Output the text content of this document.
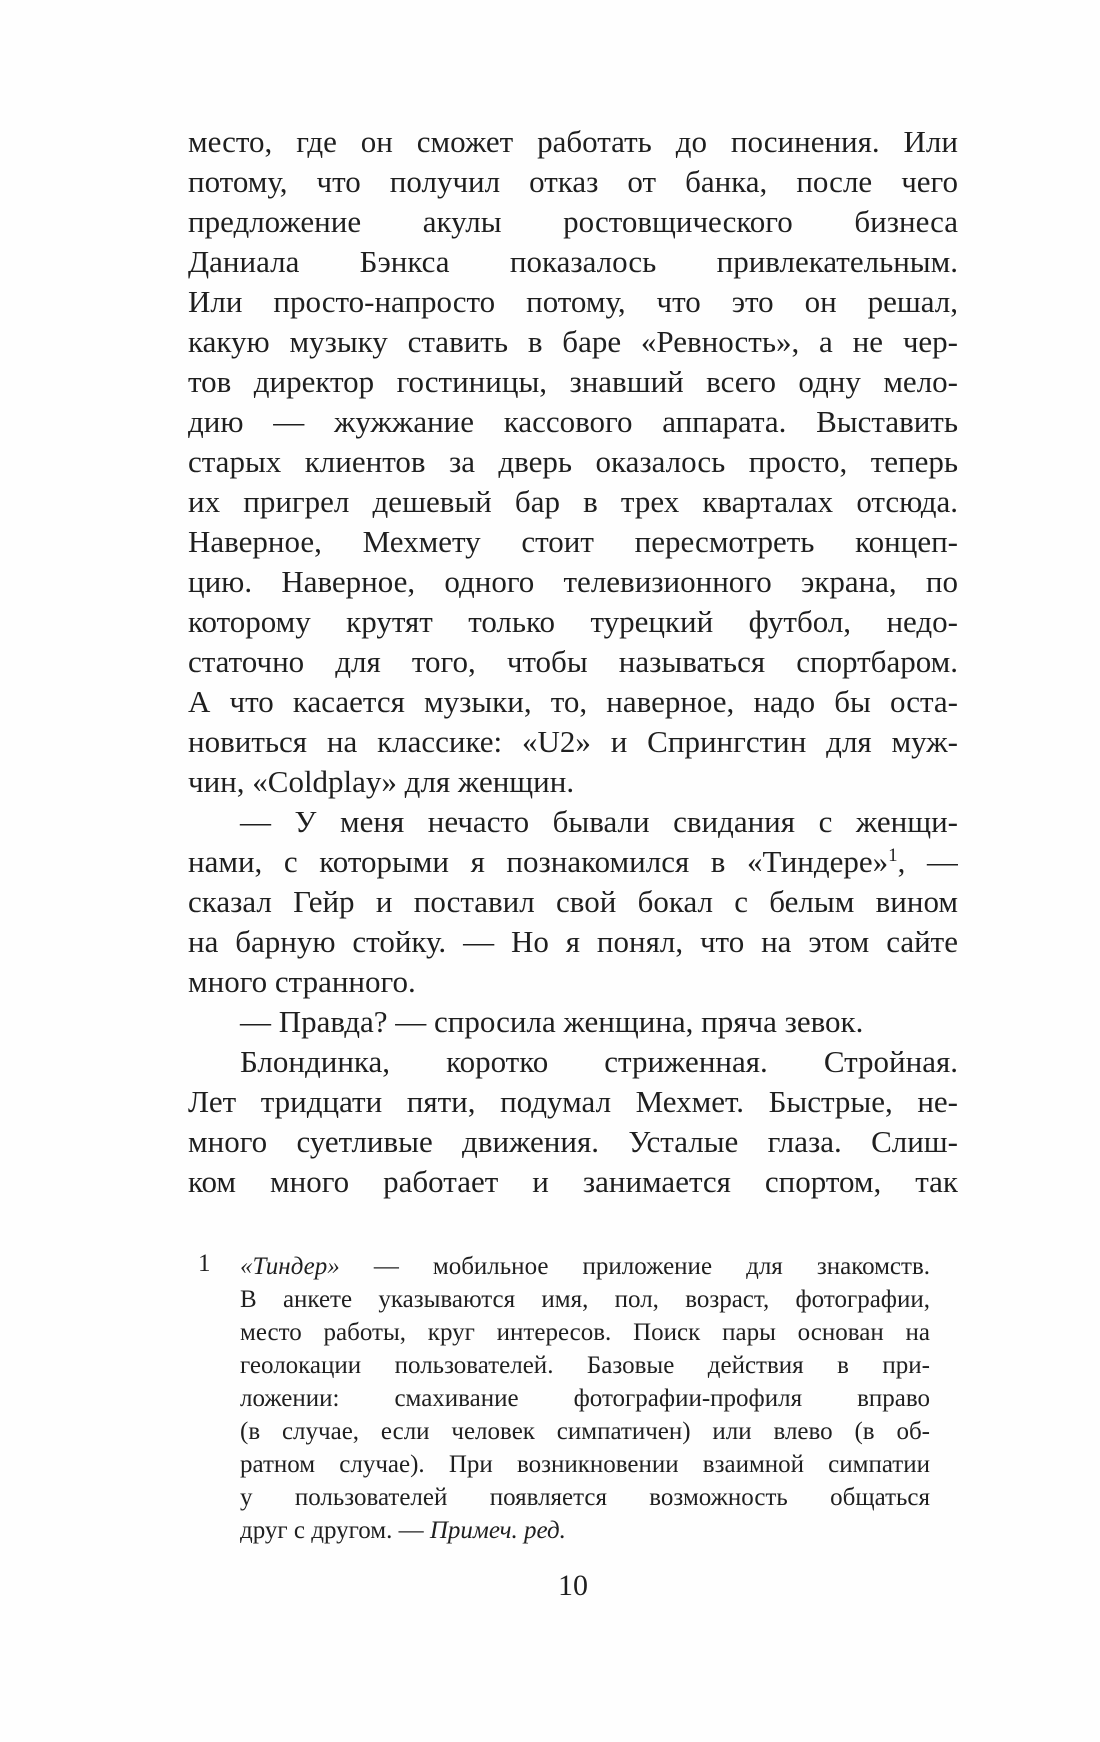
место, где он сможет работать до посинения. Или
потому, что получил отказ от банка, после чего
предложение акулы ростовщического бизнеса
Даниала Бэнкса показалось привлекательным.
Или просто-напросто потому, что это он решал,
какую музыку ставить в баре «Ревность», а не чер-
тов директор гостиницы, знавший всего одну мело-
дию — жужжание кассового аппарата. Выставить
старых клиентов за дверь оказалось просто, теперь
их пригрел дешевый бар в трех кварталах отсюда.
Наверное, Мехмету стоит пересмотреть концеп-
цию. Наверное, одного телевизионного экрана, по
которому крутят только турецкий футбол, недо-
статочно для того, чтобы называться спортбаром.
А что касается музыки, то, наверное, надо бы оста-
новиться на классике: «U2» и Спрингстин для муж-
чин, «Coldplay» для женщин.
— У меня нечасто бывали свидания с женщи-
нами, с которыми я познакомился в «Тиндере»$^1$, —
сказал Гейр и поставил свой бокал с белым вином
на барную стойку. — Но я понял, что на этом сайте
много странного.
— Правда? — спросила женщина, пряча зевок.
Блондинка, коротко стриженная. Стройная.
Лет тридцати пяти, подумал Мехмет. Быстрые, не-
много суетливые движения. Усталые глаза. Слиш-
ком много работает и занимается спортом, так
1 «Тиндер» — мобильное приложение для знакомств.
В анкете указываются имя, пол, возраст, фотографии,
место работы, круг интересов. Поиск пары основан на
геолокации пользователей. Базовые действия в при-
ложении: смахивание фотографии-профиля вправо
(в случае, если человек симпатичен) или влево (в об-
ратном случае). При возникновении взаимной симпатии
у пользователей появляется возможность общаться
друг с другом. — Примеч. ред.
10
